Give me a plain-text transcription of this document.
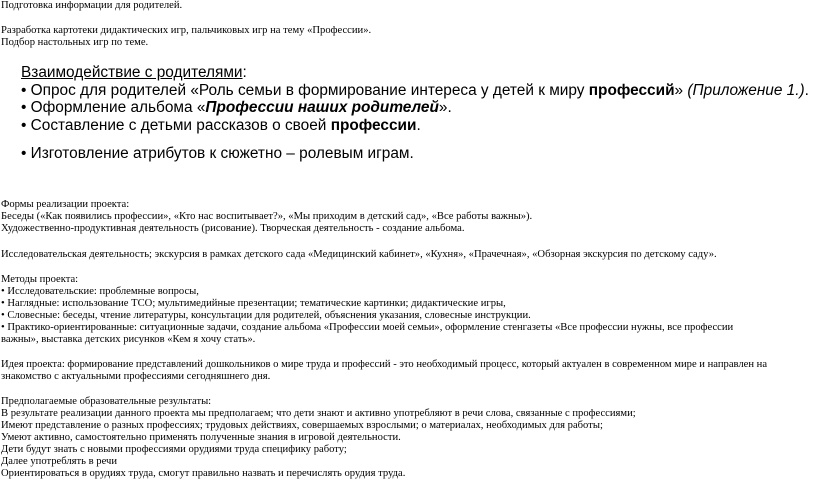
Подготовка информации для родителей.
Разработка картотеки дидактических игр, пальчиковых игр на тему «Профессии».
Подбор настольных игр по теме.
Взаимодействие с родителями:
• Опрос для родителей «Роль семьи в формирование интереса у детей к миру профессий» (Приложение 1.).
• Оформление альбома «Профессии наших родителей».
• Составление с детьми рассказов о своей профессии.
• Изготовление атрибутов к сюжетно – ролевым играм.
Формы реализации проекта:
Беседы («Как появились профессии», «Кто нас воспитывает?», «Мы приходим в детский сад», «Все работы важны»).
Художественно-продуктивная деятельность (рисование). Творческая деятельность - создание альбома.
Исследовательская деятельность; экскурсия в рамках детского сада «Медицинский кабинет», «Кухня», «Прачечная», «Обзорная экскурсия по детскому саду».
Методы проекта:
• Исследовательские: проблемные вопросы,
• Наглядные: использование ТСО; мультимедийные презентации; тематические картинки; дидактические игры,
• Словесные: беседы, чтение литературы, консультации для родителей, объяснения указания, словесные инструкции.
• Практико-ориентированные: ситуационные задачи, создание альбома «Профессии моей семьи», оформление стенгазеты «Все профессии нужны, все профессии
важны», выставка детских рисунков «Кем я хочу стать».
Идея проекта: формирование представлений дошкольников о мире труда и профессий - это необходимый процесс, который актуален в современном мире и направлен на
знакомство с актуальными профессиями сегодняшнего дня.
Предполагаемые образовательные результаты:
В результате реализации данного проекта мы предполагаем; что дети знают и активно употребляют в речи слова, связанные с профессиями;
Имеют представление о разных профессиях; трудовых действиях, совершаемых взрослыми; о материалах, необходимых для работы;
Умеют активно, самостоятельно применять полученные знания в игровой деятельности.
Дети будут знать с новыми профессиями орудиями труда специфику работу;
Далее употреблять в речи
Ориентироваться в орудиях труда, смогут правильно назвать и перечислять орудия труда.
